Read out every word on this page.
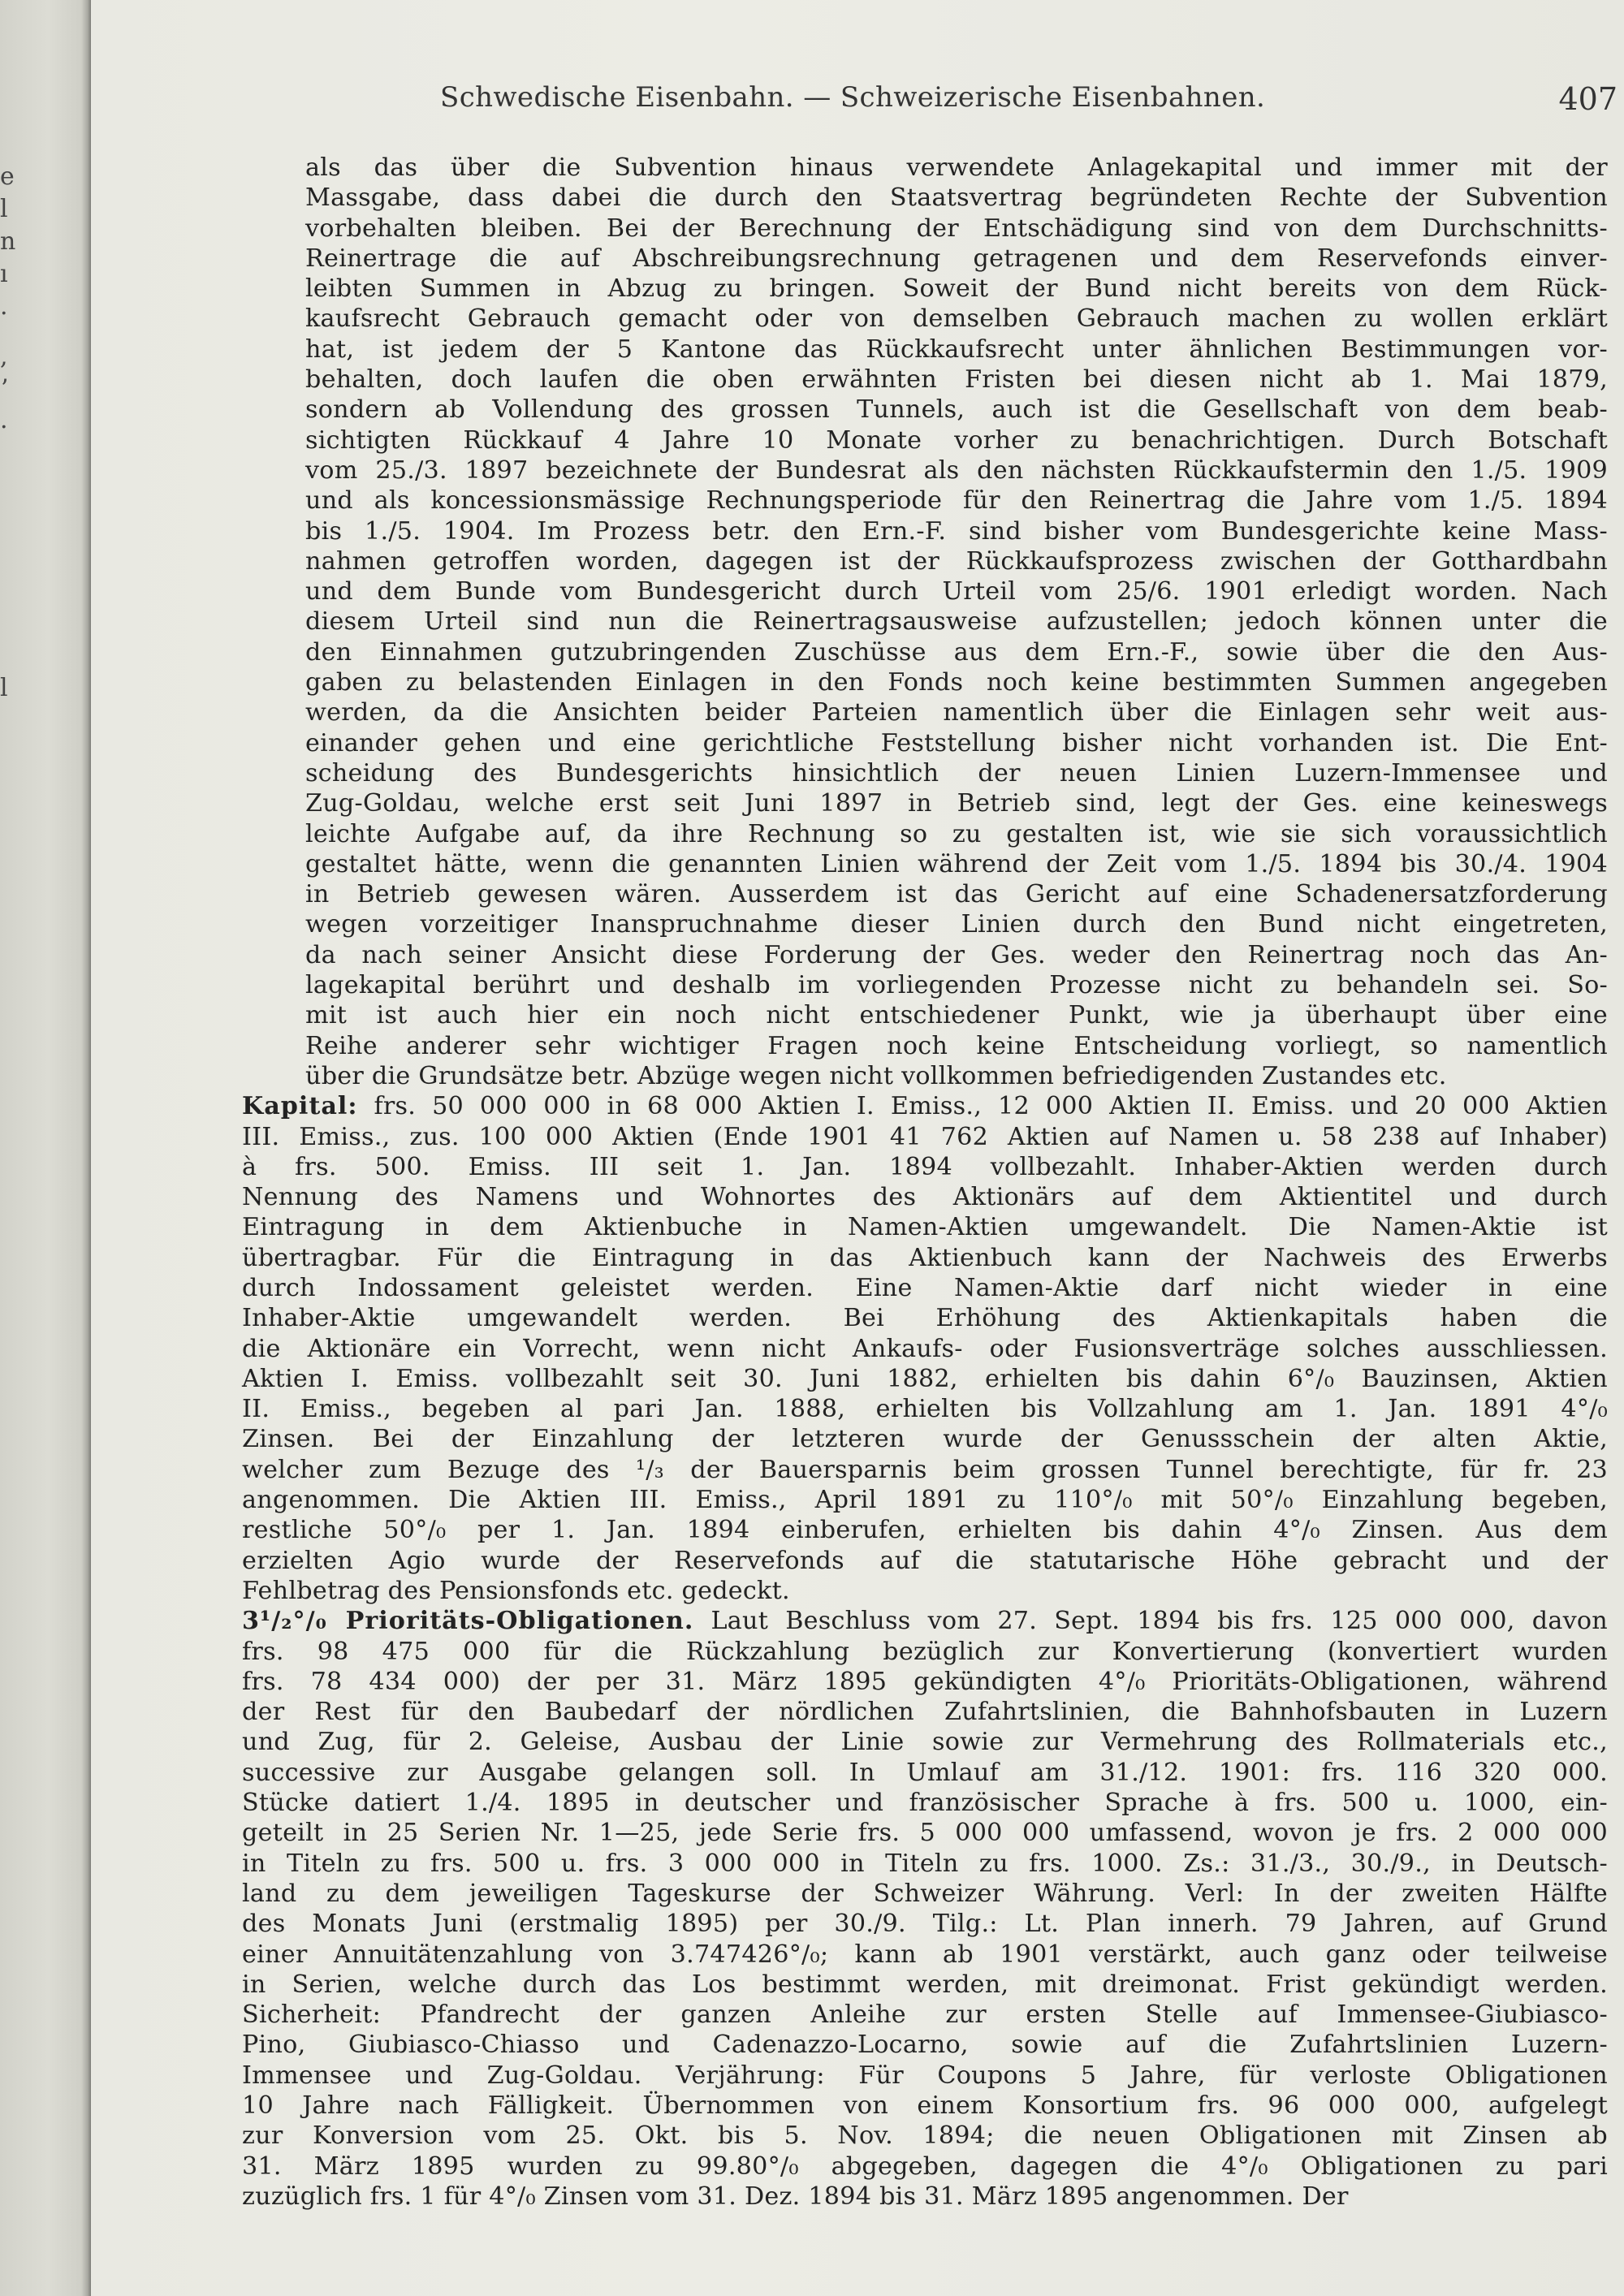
e
l
n
ı
.
,
ʼ
.
l
Schwedische Eisenbahn. — Schweizerische Eisenbahnen.	407
als das über die Subvention hinaus verwendete Anlagekapital und immer mit der
Massgabe, dass dabei die durch den Staatsvertrag begründeten Rechte der Subvention
vorbehalten bleiben. Bei der Berechnung der Entschädigung sind von dem Durchschnitts-
Reinertrage die auf Abschreibungsrechnung getragenen und dem Reservefonds einver-
leibten Summen in Abzug zu bringen. Soweit der Bund nicht bereits von dem Rück-
kaufsrecht Gebrauch gemacht oder von demselben Gebrauch machen zu wollen erklärt
hat, ist jedem der 5 Kantone das Rückkaufsrecht unter ähnlichen Bestimmungen vor-
behalten, doch laufen die oben erwähnten Fristen bei diesen nicht ab 1. Mai 1879,
sondern ab Vollendung des grossen Tunnels, auch ist die Gesellschaft von dem beab-
sichtigten Rückkauf 4 Jahre 10 Monate vorher zu benachrichtigen. Durch Botschaft
vom 25./3. 1897 bezeichnete der Bundesrat als den nächsten Rückkaufstermin den 1./5. 1909
und als koncessionsmässige Rechnungsperiode für den Reinertrag die Jahre vom 1./5. 1894
bis 1./5. 1904. Im Prozess betr. den Ern.-F. sind bisher vom Bundesgerichte keine Mass-
nahmen getroffen worden, dagegen ist der Rückkaufsprozess zwischen der Gotthardbahn
und dem Bunde vom Bundesgericht durch Urteil vom 25/6. 1901 erledigt worden. Nach
diesem Urteil sind nun die Reinertragsausweise aufzustellen; jedoch können unter die
den Einnahmen gutzubringenden Zuschüsse aus dem Ern.-F., sowie über die den Aus-
gaben zu belastenden Einlagen in den Fonds noch keine bestimmten Summen angegeben
werden, da die Ansichten beider Parteien namentlich über die Einlagen sehr weit aus-
einander gehen und eine gerichtliche Feststellung bisher nicht vorhanden ist. Die Ent-
scheidung des Bundesgerichts hinsichtlich der neuen Linien Luzern-Immensee und
Zug-Goldau, welche erst seit Juni 1897 in Betrieb sind, legt der Ges. eine keineswegs
leichte Aufgabe auf, da ihre Rechnung so zu gestalten ist, wie sie sich voraussichtlich
gestaltet hätte, wenn die genannten Linien während der Zeit vom 1./5. 1894 bis 30./4. 1904
in Betrieb gewesen wären. Ausserdem ist das Gericht auf eine Schadenersatzforderung
wegen vorzeitiger Inanspruchnahme dieser Linien durch den Bund nicht eingetreten,
da nach seiner Ansicht diese Forderung der Ges. weder den Reinertrag noch das An-
lagekapital berührt und deshalb im vorliegenden Prozesse nicht zu behandeln sei. So-
mit ist auch hier ein noch nicht entschiedener Punkt, wie ja überhaupt über eine
Reihe anderer sehr wichtiger Fragen noch keine Entscheidung vorliegt, so namentlich
über die Grundsätze betr. Abzüge wegen nicht vollkommen befriedigenden Zustandes etc.
Kapital: frs. 50 000 000 in 68 000 Aktien I. Emiss., 12 000 Aktien II. Emiss. und 20 000 Aktien
III. Emiss., zus. 100 000 Aktien (Ende 1901 41 762 Aktien auf Namen u. 58 238 auf Inhaber)
à frs. 500. Emiss. III seit 1. Jan. 1894 vollbezahlt. Inhaber-Aktien werden durch
Nennung des Namens und Wohnortes des Aktionärs auf dem Aktientitel und durch
Eintragung in dem Aktienbuche in Namen-Aktien umgewandelt. Die Namen-Aktie ist
übertragbar. Für die Eintragung in das Aktienbuch kann der Nachweis des Erwerbs
durch Indossament geleistet werden. Eine Namen-Aktie darf nicht wieder in eine
Inhaber-Aktie umgewandelt werden. Bei Erhöhung des Aktienkapitals haben die
die Aktionäre ein Vorrecht, wenn nicht Ankaufs- oder Fusionsverträge solches ausschliessen.
Aktien I. Emiss. vollbezahlt seit 30. Juni 1882, erhielten bis dahin 6°/₀ Bauzinsen, Aktien
II. Emiss., begeben al pari Jan. 1888, erhielten bis Vollzahlung am 1. Jan. 1891 4°/₀
Zinsen. Bei der Einzahlung der letzteren wurde der Genussschein der alten Aktie,
welcher zum Bezuge des ¹/₃ der Bauersparnis beim grossen Tunnel berechtigte, für fr. 23
angenommen. Die Aktien III. Emiss., April 1891 zu 110°/₀ mit 50°/₀ Einzahlung begeben,
restliche 50°/₀ per 1. Jan. 1894 einberufen, erhielten bis dahin 4°/₀ Zinsen. Aus dem
erzielten Agio wurde der Reservefonds auf die statutarische Höhe gebracht und der
Fehlbetrag des Pensionsfonds etc. gedeckt.
3¹/₂°/₀ Prioritäts-Obligationen. Laut Beschluss vom 27. Sept. 1894 bis frs. 125 000 000, davon
frs. 98 475 000 für die Rückzahlung bezüglich zur Konvertierung (konvertiert wurden
frs. 78 434 000) der per 31. März 1895 gekündigten 4°/₀ Prioritäts-Obligationen, während
der Rest für den Baubedarf der nördlichen Zufahrtslinien, die Bahnhofsbauten in Luzern
und Zug, für 2. Geleise, Ausbau der Linie sowie zur Vermehrung des Rollmaterials etc.,
successive zur Ausgabe gelangen soll. In Umlauf am 31./12. 1901: frs. 116 320 000.
Stücke datiert 1./4. 1895 in deutscher und französischer Sprache à frs. 500 u. 1000, ein-
geteilt in 25 Serien Nr. 1—25, jede Serie frs. 5 000 000 umfassend, wovon je frs. 2 000 000
in Titeln zu frs. 500 u. frs. 3 000 000 in Titeln zu frs. 1000. Zs.: 31./3., 30./9., in Deutsch-
land zu dem jeweiligen Tageskurse der Schweizer Währung. Verl: In der zweiten Hälfte
des Monats Juni (erstmalig 1895) per 30./9. Tilg.: Lt. Plan innerh. 79 Jahren, auf Grund
einer Annuitätenzahlung von 3.747426°/₀; kann ab 1901 verstärkt, auch ganz oder teilweise
in Serien, welche durch das Los bestimmt werden, mit dreimonat. Frist gekündigt werden.
Sicherheit: Pfandrecht der ganzen Anleihe zur ersten Stelle auf Immensee-Giubiasco-
Pino, Giubiasco-Chiasso und Cadenazzo-Locarno, sowie auf die Zufahrtslinien Luzern-
Immensee und Zug-Goldau. Verjährung: Für Coupons 5 Jahre, für verloste Obligationen
10 Jahre nach Fälligkeit. Übernommen von einem Konsortium frs. 96 000 000, aufgelegt
zur Konversion vom 25. Okt. bis 5. Nov. 1894; die neuen Obligationen mit Zinsen ab
31. März 1895 wurden zu 99.80°/₀ abgegeben, dagegen die 4°/₀ Obligationen zu pari
zuzüglich frs. 1 für 4°/₀ Zinsen vom 31. Dez. 1894 bis 31. März 1895 angenommen. Der
